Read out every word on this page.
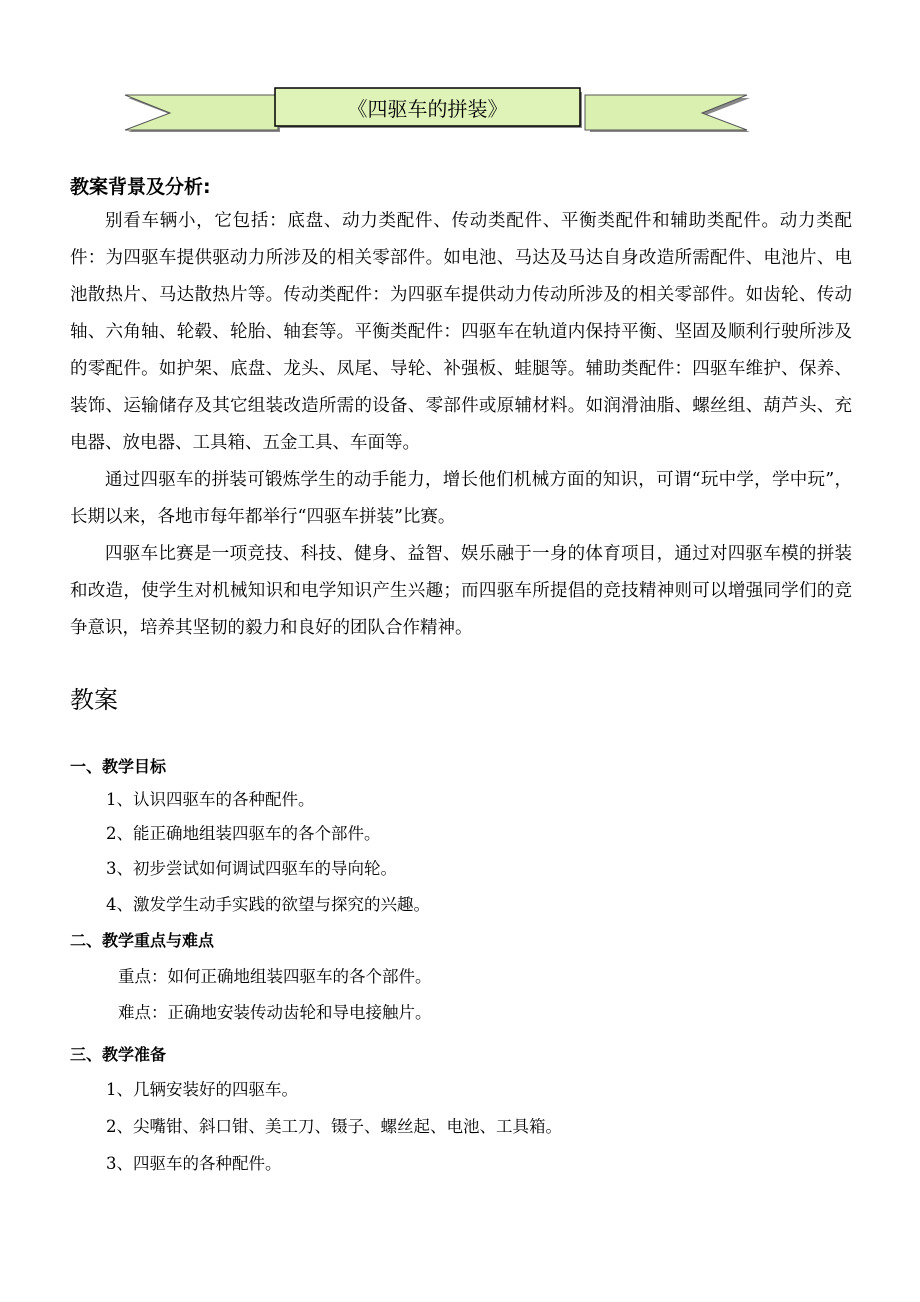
《四驱车的拼装》
教案背景及分析:

别看车辆小，它包括：底盘、动力类配件、传动类配件、平衡类配件和辅助类配件。动力类配件：为四驱车提供驱动力所涉及的相关零部件。如电池、马达及马达自身改造所需配件、电池片、电池散热片、马达散热片等。传动类配件：为四驱车提供动力传动所涉及的相关零部件。如齿轮、传动轴、六角轴、轮毂、轮胎、轴套等。平衡类配件：四驱车在轨道内保持平衡、坚固及顺利行驶所涉及的零配件。如护架、底盘、龙头、凤尾、导轮、补强板、蛙腿等。辅助类配件：四驱车维护、保养、装饰、运输储存及其它组装改造所需的设备、零部件或原辅材料。如润滑油脂、螺丝组、葫芦头、充电器、放电器、工具箱、五金工具、车面等。

通过四驱车的拼装可锻炼学生的动手能力，增长他们机械方面的知识，可谓“玩中学，学中玩”，长期以来，各地市每年都举行“四驱车拼装”比赛。

四驱车比赛是一项竞技、科技、健身、益智、娱乐融于一身的体育项目，通过对四驱车模的拼装和改造，使学生对机械知识和电学知识产生兴趣；而四驱车所提倡的竞技精神则可以增强同学们的竞争意识，培养其坚韧的毅力和良好的团队合作精神。

教案
一、教学目标
1、认识四驱车的各种配件。
2、能正确地组装四驱车的各个部件。
3、初步尝试如何调试四驱车的导向轮。
4、激发学生动手实践的欲望与探究的兴趣。
二、教学重点与难点
重点：如何正确地组装四驱车的各个部件。
难点：正确地安装传动齿轮和导电接触片。
三、教学准备
1、几辆安装好的四驱车。
2、尖嘴钳、斜口钳、美工刀、镊子、螺丝起、电池、工具箱。
3、四驱车的各种配件。
